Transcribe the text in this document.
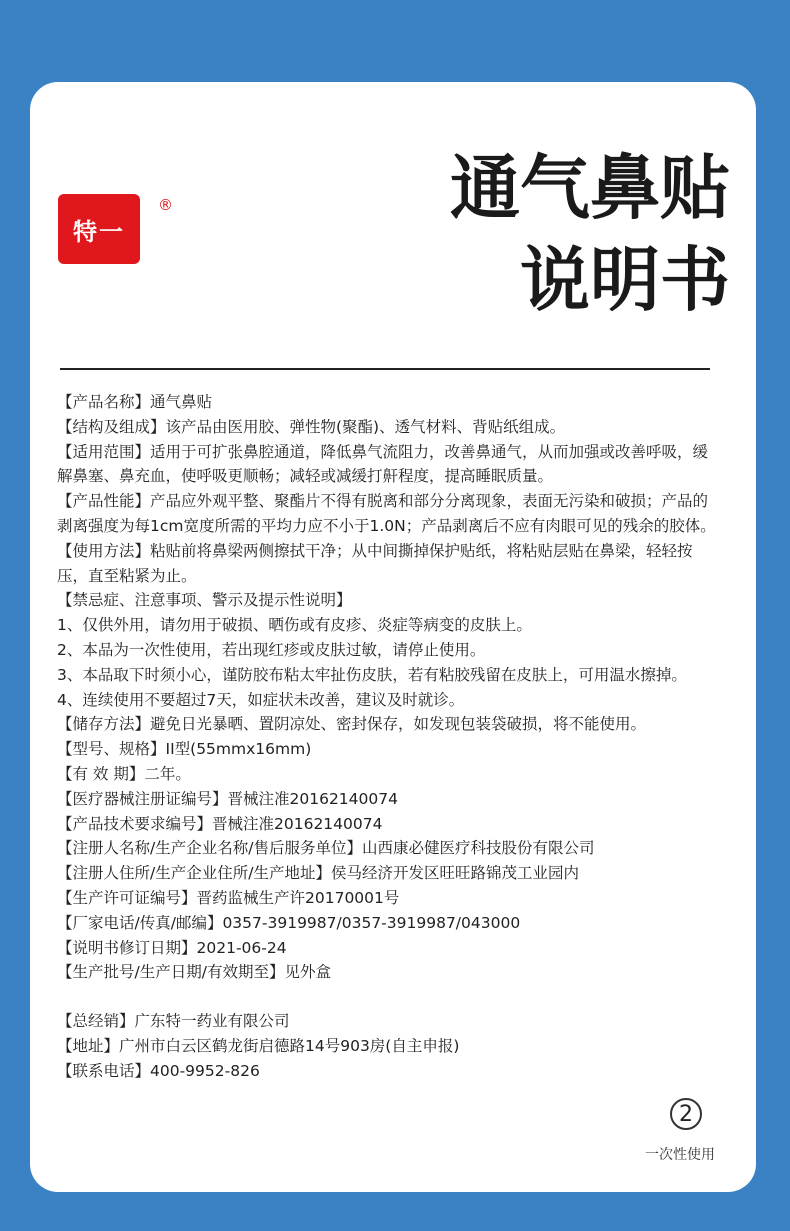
特一
®	通气鼻贴
说明书

【产品名称】通气鼻贴

【结构及组成】该产品由医用胶、弹性物(聚酯)、透气材料、背贴纸组成。

【适用范围】适用于可扩张鼻腔通道，降低鼻气流阻力，改善鼻通气，从而加强或改善呼吸，缓解鼻塞、鼻充血，使呼吸更顺畅；减轻或减缓打鼾程度，提高睡眠质量。

【产品性能】产品应外观平整、聚酯片不得有脱离和部分分离现象，表面无污染和破损；产品的剥离强度为每1cm宽度所需的平均力应不小于1.0N；产品剥离后不应有肉眼可见的残余的胶体。

【使用方法】粘贴前将鼻梁两侧擦拭干净；从中间撕掉保护贴纸，将粘贴层贴在鼻梁，轻轻按压，直至粘紧为止。

【禁忌症、注意事项、警示及提示性说明】

1、仅供外用，请勿用于破损、晒伤或有皮疹、炎症等病变的皮肤上。

2、本品为一次性使用，若出现红疹或皮肤过敏，请停止使用。

3、本品取下时须小心，谨防胶布粘太牢扯伤皮肤，若有粘胶残留在皮肤上，可用温水擦掉。

4、连续使用不要超过7天，如症状未改善，建议及时就诊。

【储存方法】避免日光暴晒、置阴凉处、密封保存，如发现包装袋破损，将不能使用。

【型号、规格】II型(55mmx16mm)

【有 效 期】二年。

【医疗器械注册证编号】晋械注准20162140074

【产品技术要求编号】晋械注准20162140074

【注册人名称/生产企业名称/售后服务单位】山西康必健医疗科技股份有限公司

【注册人住所/生产企业住所/生产地址】侯马经济开发区旺旺路锦茂工业园内

【生产许可证编号】晋药监械生产许20170001号

【厂家电话/传真/邮编】0357-3919987/0357-3919987/043000

【说明书修订日期】2021-06-24

【生产批号/生产日期/有效期至】见外盒

【总经销】广东特一药业有限公司

【地址】广州市白云区鹤龙街启德路14号903房(自主申报)

【联系电话】400-9952-826

2
一次性使用
